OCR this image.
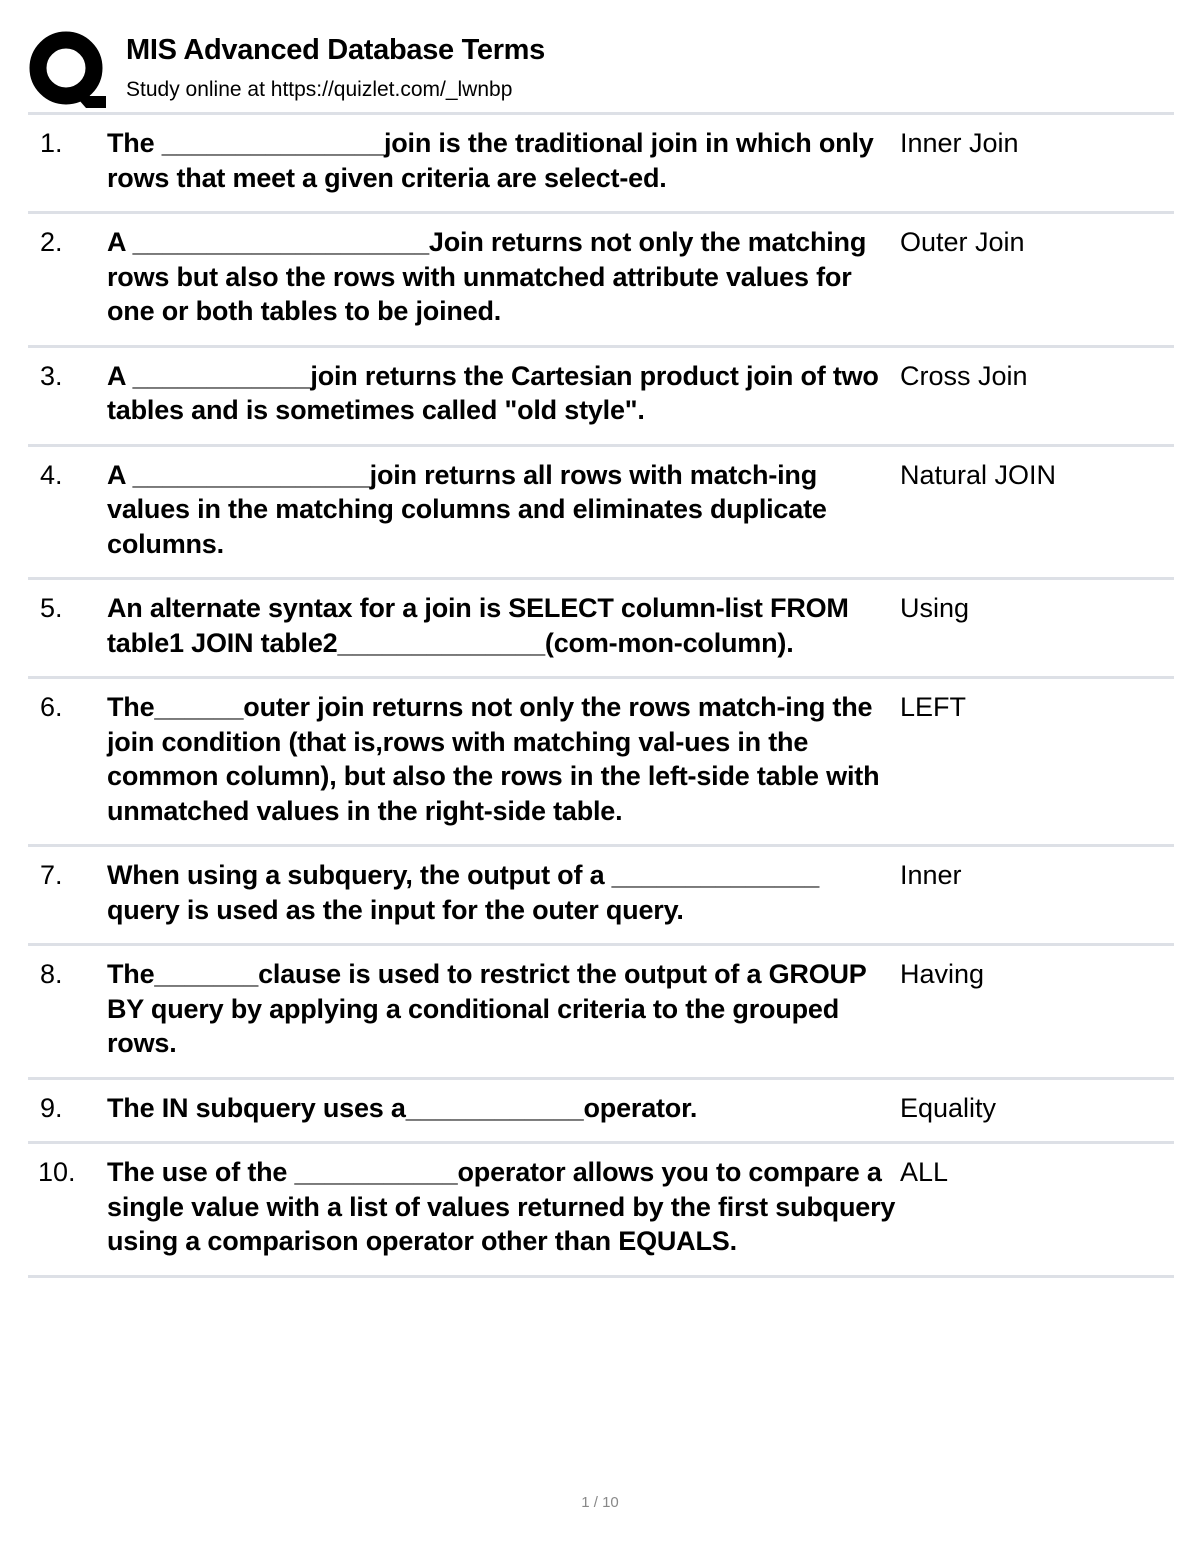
MIS Advanced Database Terms
Study online at https://quizlet.com/_lwnbp
1. The _______________join is the traditional join in which only rows that meet a given criteria are select-ed.
Inner Join
2. A ____________________Join returns not only the matching rows but also the rows with unmatched attribute values for one or both tables to be joined.
Outer Join
3. A ____________join returns the Cartesian product join of two tables and is sometimes called "old style".
Cross Join
4. A ________________join returns all rows with match-ing values in the matching columns and eliminates duplicate columns.
Natural JOIN
5. An alternate syntax for a join is SELECT column-list FROM table1 JOIN table2______________(com-mon-column).
Using
6. The______outer join returns not only the rows match-ing the join condition (that is,rows with matching val-ues in the common column), but also the rows in the left-side table with unmatched values in the right-side table.
LEFT
7. When using a subquery, the output of a ______________ query is used as the input for the outer query.
Inner
8. The_______clause is used to restrict the output of a GROUP BY query by applying a conditional criteria to the grouped rows.
Having
9. The IN subquery uses a____________operator.	Equality
10. The use of the ___________operator allows you to compare a single value with a list of values returned by the first subquery using a comparison operator other than EQUALS.
ALL
1 / 10
